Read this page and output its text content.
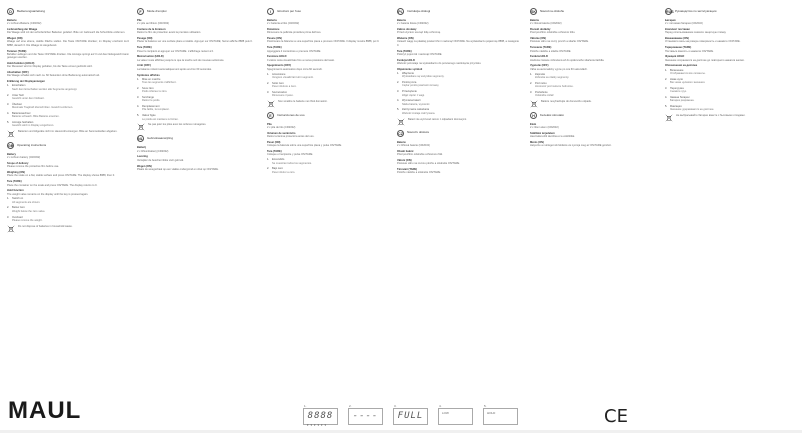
D	Bedienungsanleitung
Batterie
2 x Lithium-Batterie (CR2032)
Lieferumfang der Waage
Die Waage wird mit den erforderlichen Batterien geliefert. Bitte vor Gebrauch die Schutzfolie entfernen.
Wiegen (ON)
Waage auf eine ebene, stabile Fläche stellen. Die Taste ON/TARE drücken; im Display erscheint kurz 8888, danach 0. Die Waage ist wiegebereit.
Tarieren (TARE)
Behälter auflegen und die Taste ON/TARE drücken. Die Anzeige springt auf 0 und das Nettogewicht kann gewogen werden.
Hold-Funktion (HOLD)
Der Messwert wird im Display gehalten, bis die Taste erneut gedrückt wird.
Abschalten (OFF)
Die Waage schaltet sich nach ca. 60 Sekunden ohne Bedienung automatisch ab.
Erklärung der Displayanzeigen
1. Einschalten
Nach dem Einschalten werden alle Segmente angezeigt.
2. Unter Null
Gewicht unter dem Nullwert.
3. Überlast
Maximale Tragkraft überschritten. Gewicht entfernen.
4. Batteriewechsel
Batterie schwach. Bitte Batterie ersetzen.
5. Anzeige festhalten
Gewicht wird im Display eingefroren.
Batterien und Altgeräte nicht im Hausmüll entsorgen. Bitte an Sammelstellen abgeben.
GB Operating instructions
Battery
2 x Lithium battery (CR2032)
Scope of delivery
Please remove the protective film before use.
Weighing (ON)
Place the scale on a flat, stable surface and press ON/TARE. The display shows 8888, then 0.
Tare (TARE)
Place the container on the scale and press ON/TARE. The display returns to 0.
Hold function
The weight value remains on the display until the key is pressed again.
1. Switch on
All segments are shown.
2. Below zero
Weight below the zero value.
3. Overload
Please remove the weight.
Do not dispose of batteries in household waste.
F	Mode d'emploi
Pile
2 x pile au lithium (CR2032)
Contenu de la livraison
Retirer le film de protection avant la première utilisation.
Pesage (ON)
Placer la balance sur une surface plane et stable. Appuyer sur ON/TARE; l'écran affiche 8888 puis 0.
Tare (TARE)
Poser le récipient et appuyer sur ON/TARE. L'affichage revient à 0.
Mémorisation (HOLD)
La valeur reste affichée jusqu'à ce que la touche soit de nouveau actionnée.
Arrêt (OFF)
La balance s'éteint automatiquement après environ 60 secondes.
Symboles affichés
1. Mise en marche
Tous les segments s'affichent.
2. Sous zéro
Poids inférieur à zéro.
3. Surcharge
Retirer le poids.
4. Remplacement
Pile faible, la remplacer.
5. Valeur figée
Le poids est maintenu à l'écran.
Ne pas jeter les piles avec les ordures ménagères.
NL	Gebruiksaanwijzing
Batterij
2 x lithiumbatterij (CR2032)
Levering
Verwijder de beschermfolie vóór gebruik.
Wegen (ON)
Plaats de weegschaal op een vlakke ondergrond en druk op ON/TARE.
I	Istruzioni per l'uso
Batteria
2 x batteria al litio (CR2032)
Dotazione
Rimuovere la pellicola protettiva prima dell'uso.
Pesare (ON)
Posizionare la bilancia su una superficie piana e premere ON/TARE. Il display mostra 8888, poi 0.
Tara (TARE)
Appoggiare il contenitore e premere ON/TARE.
Funzione HOLD
Il valore resta visualizzato fino a nuova pressione del tasto.
Spegnimento (OFF)
Spegnimento automatico dopo circa 60 secondi.
1. Accensione
Vengono visualizzati tutti i segmenti.
2. Sotto zero
Peso inferiore a zero.
3. Sovraccarico
Rimuovere il peso.
Non smaltire le batterie nei rifiuti domestici.
E	Instrucciones de uso
Pila
2 x pila de litio (CR2032)
Volumen de suministro
Retire la lámina protectora antes del uso.
Pesar (ON)
Coloque la báscula sobre una superficie plana y pulse ON/TARE.
Tara (TARE)
Coloque el recipiente y pulse ON/TARE.
1. Encendido
Se muestran todos los segmentos.
2. Bajo cero
Peso inferior a cero.
PL	Instrukcja obsługi
Bateria
2 x bateria litowa (CR2032)
Zakres dostawy
Przed użyciem usunąć folię ochronną.
Ważenie (ON)
Ustawić wagę na płaskiej powierzchni i nacisnąć ON/TARE. Na wyświetlaczu pojawi się 8888, a następnie 0.
Tara (TARE)
Położyć pojemnik i nacisnąć ON/TARE.
Funkcja HOLD
Wartość pozostaje na wyświetlaczu do ponownego naciśnięcia przycisku.
Objaśnienie symboli
1. Włączenie
Wyświetlane są wszystkie segmenty.
2. Poniżej zera
Ciężar poniżej wartości zerowej.
3. Przeciążenie
Zdjąć ciężar z wagi.
4. Wymiana baterii
Słaba bateria, wymienić.
5. Zatrzymanie wskazania
Wartość zostaje zatrzymana.
Baterii nie wyrzucać razem z odpadami domowymi.
CZ	Návod k obsluze
Baterie
2 x lithiová baterie (CR2032)
Obsah balení
Před použitím odstraňte ochrannou fólii.
Vážení (ON)
Postavte váhu na rovnou plochu a stiskněte ON/TARE.
Tárování (TARE)
Položte nádobu a stiskněte ON/TARE.
SK	Návod na obsluhu
Batéria
2 x lítiová batéria (CR2032)
Rozsah dodávky
Pred použitím odstráňte ochrannú fóliu.
Váženie (ON)
Postavte váhu na rovný povrch a stlačte ON/TARE.
Tarovanie (TARE)
Položte nádobu a stlačte ON/TARE.
Funkcia HOLD
Hodnota zostane zobrazená až do opätovného stlačenia tlačidla.
Vypnutie (OFF)
Váha sa automaticky vypne po cca 60 sekundách.
1. Zapnutie
Zobrazia sa všetky segmenty.
2. Pod nulou
Hmotnosť pod nulovou hodnotou.
3. Preťaženie
Odstráňte záťaž.
Batérie nevyhadzujte do domového odpadu.
H	Kezelési útmutató
Elem
2 x lítium elem (CR2032)
Szállítási terjedelem
Használat előtt távolítsa el a védőfóliát.
Mérés (ON)
Helyezze a mérleget sík felületre és nyomja meg az ON/TARE gombot.
RUS Руководство по эксплуатации
Батарея
2 x литиевая батарея (CR2032)
Комплект поставки
Перед использованием снимите защитную плёнку.
Взвешивание (ON)
Установите весы на ровную поверхность и нажмите ON/TARE.
Тарирование (TARE)
Поставьте ёмкость и нажмите ON/TARE.
Функция HOLD
Значение сохраняется на дисплее до повторного нажатия кнопки.
Обозначения на дисплее
1. Включение
Отображаются все сегменты.
2. Ниже нуля
Вес ниже нулевого значения.
3. Перегрузка
Снимите груз.
4. Замена батареи
Батарея разряжена.
5. Фиксация
Значение удерживается на дисплее.
Не выбрасывайте батареи вместе с бытовыми отходами.
MAUL	1.
8888
▾▾▾▾▾▾
2.
----
3.
FULL
4.
LOW
5.
HOLD	CE
